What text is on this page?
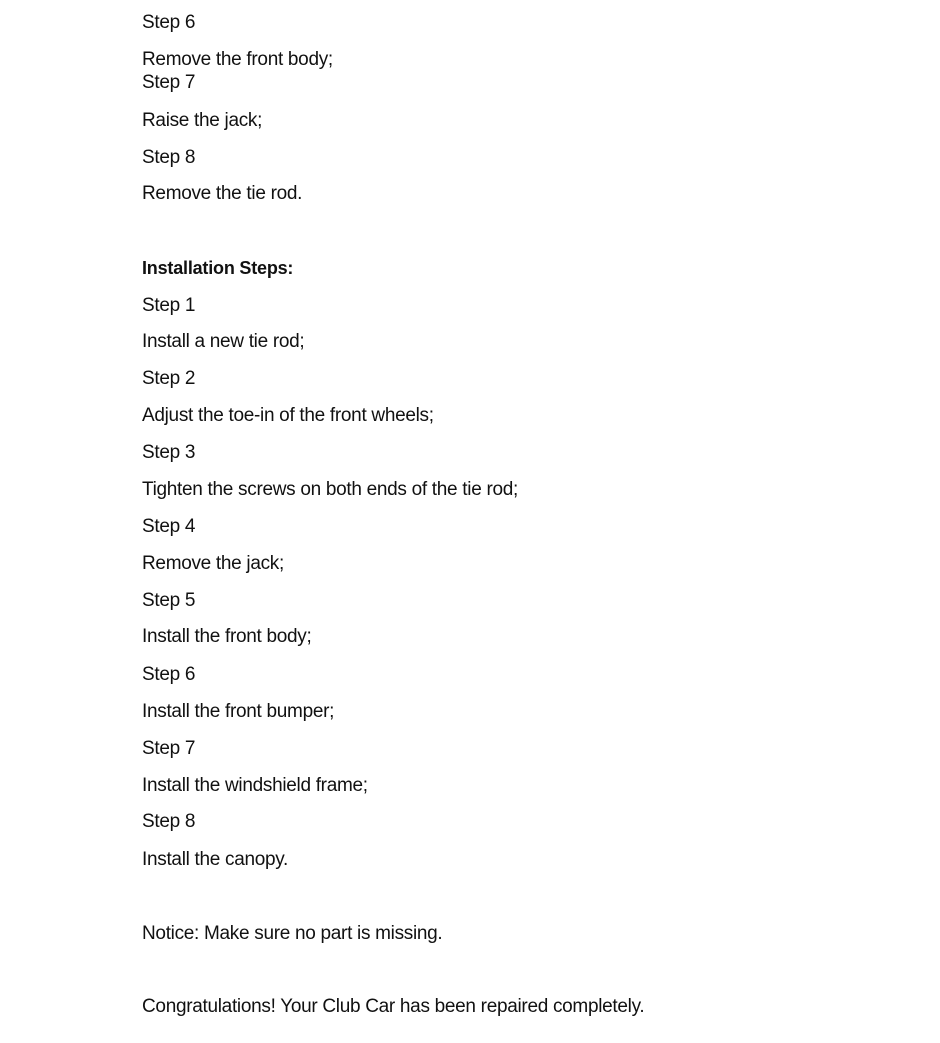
Step 6
Remove the front body;
Step 7
Raise the jack;
Step 8
Remove the tie rod.
Installation Steps:
Step 1
Install a new tie rod;
Step 2
Adjust the toe-in of the front wheels;
Step 3
Tighten the screws on both ends of the tie rod;
Step 4
Remove the jack;
Step 5
Install the front body;
Step 6
Install the front bumper;
Step 7
Install the windshield frame;
Step 8
Install the canopy.
Notice: Make sure no part is missing.
Congratulations! Your Club Car has been repaired completely.
